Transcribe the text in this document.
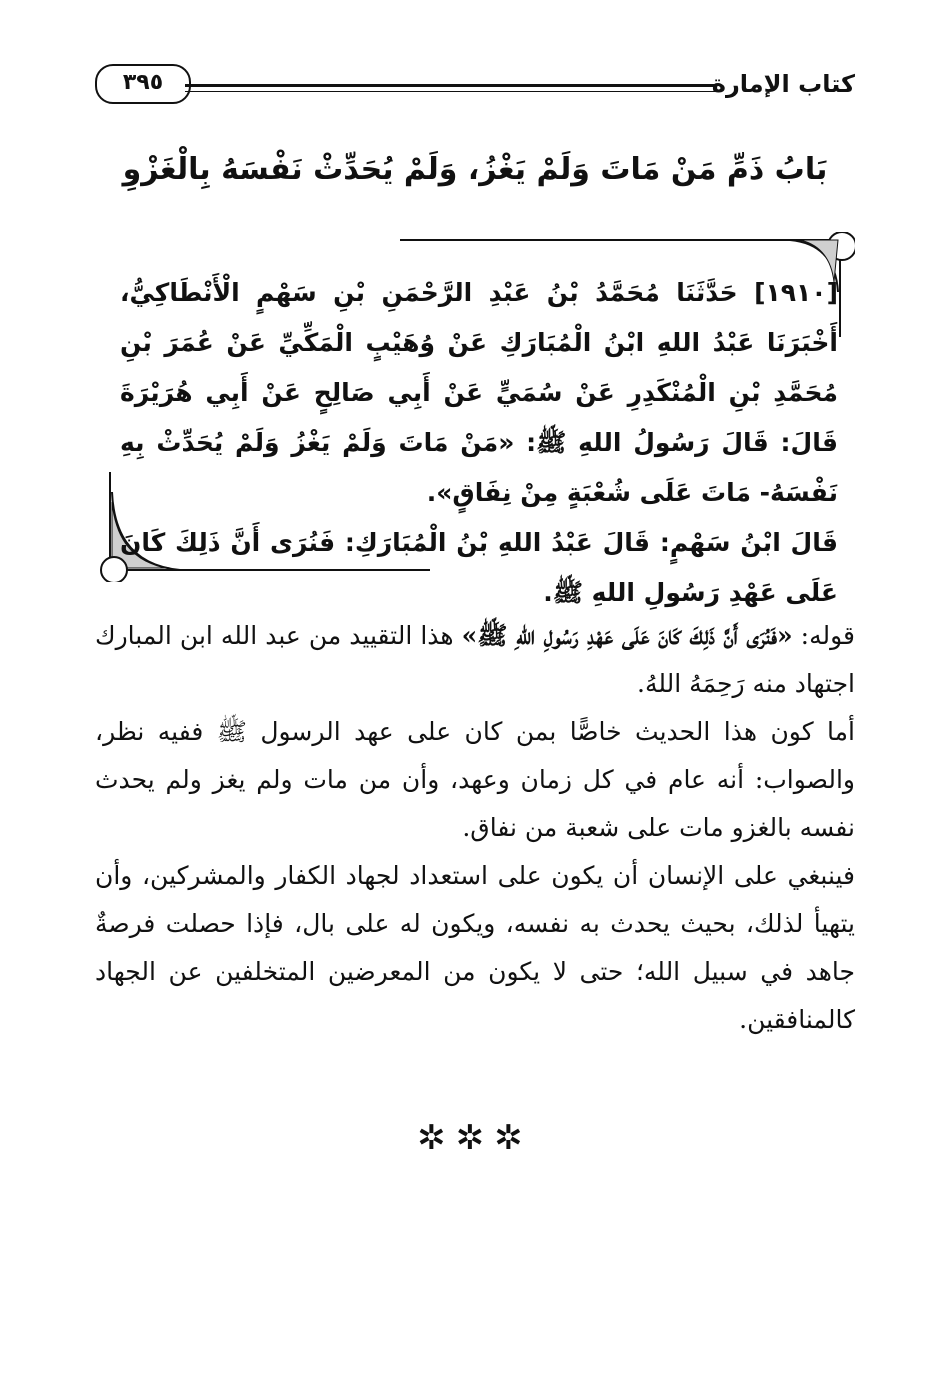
كتاب الإمارة
٣٩٥
بَابُ ذَمِّ مَنْ مَاتَ وَلَمْ يَغْزُ، وَلَمْ يُحَدِّثْ نَفْسَهُ بِالْغَزْوِ

[١٩١٠] حَدَّثَنَا مُحَمَّدُ بْنُ عَبْدِ الرَّحْمَنِ بْنِ سَهْمٍ الْأَنْطَاكِيُّ، أَخْبَرَنَا عَبْدُ اللهِ ابْنُ الْمُبَارَكِ عَنْ وُهَيْبٍ الْمَكِّيِّ عَنْ عُمَرَ بْنِ مُحَمَّدِ بْنِ الْمُنْكَدِرِ عَنْ سُمَيٍّ عَنْ أَبِي صَالِحٍ عَنْ أَبِي هُرَيْرَةَ قَالَ: قَالَ رَسُولُ اللهِ ﷺ: «مَنْ مَاتَ وَلَمْ يَغْزُ وَلَمْ يُحَدِّثْ بِهِ نَفْسَهُ- مَاتَ عَلَى شُعْبَةٍ مِنْ نِفَاقٍ».

قَالَ ابْنُ سَهْمٍ: قَالَ عَبْدُ اللهِ بْنُ الْمُبَارَكِ: فَنُرَى أَنَّ ذَلِكَ كَانَ عَلَى عَهْدِ رَسُولِ اللهِ ﷺ.

قوله: «فَنُرَى أَنَّ ذَلِكَ كَانَ عَلَى عَهْدِ رَسُولِ اللهِ ﷺ» هذا التقييد من عبد الله ابن المبارك اجتهاد منه رَحِمَهُ اللهُ.

أما كون هذا الحديث خاصًّا بمن كان على عهد الرسول ﷺ ففيه نظر، والصواب: أنه عام في كل زمان وعهد، وأن من مات ولم يغز ولم يحدث نفسه بالغزو مات على شعبة من نفاق.

فينبغي على الإنسان أن يكون على استعداد لجهاد الكفار والمشركين، وأن يتهيأ لذلك، بحيث يحدث به نفسه، ويكون له على بال، فإذا حصلت فرصةٌ جاهد في سبيل الله؛ حتى لا يكون من المعرضين المتخلفين عن الجهاد كالمنافقين.

✲✲✲
